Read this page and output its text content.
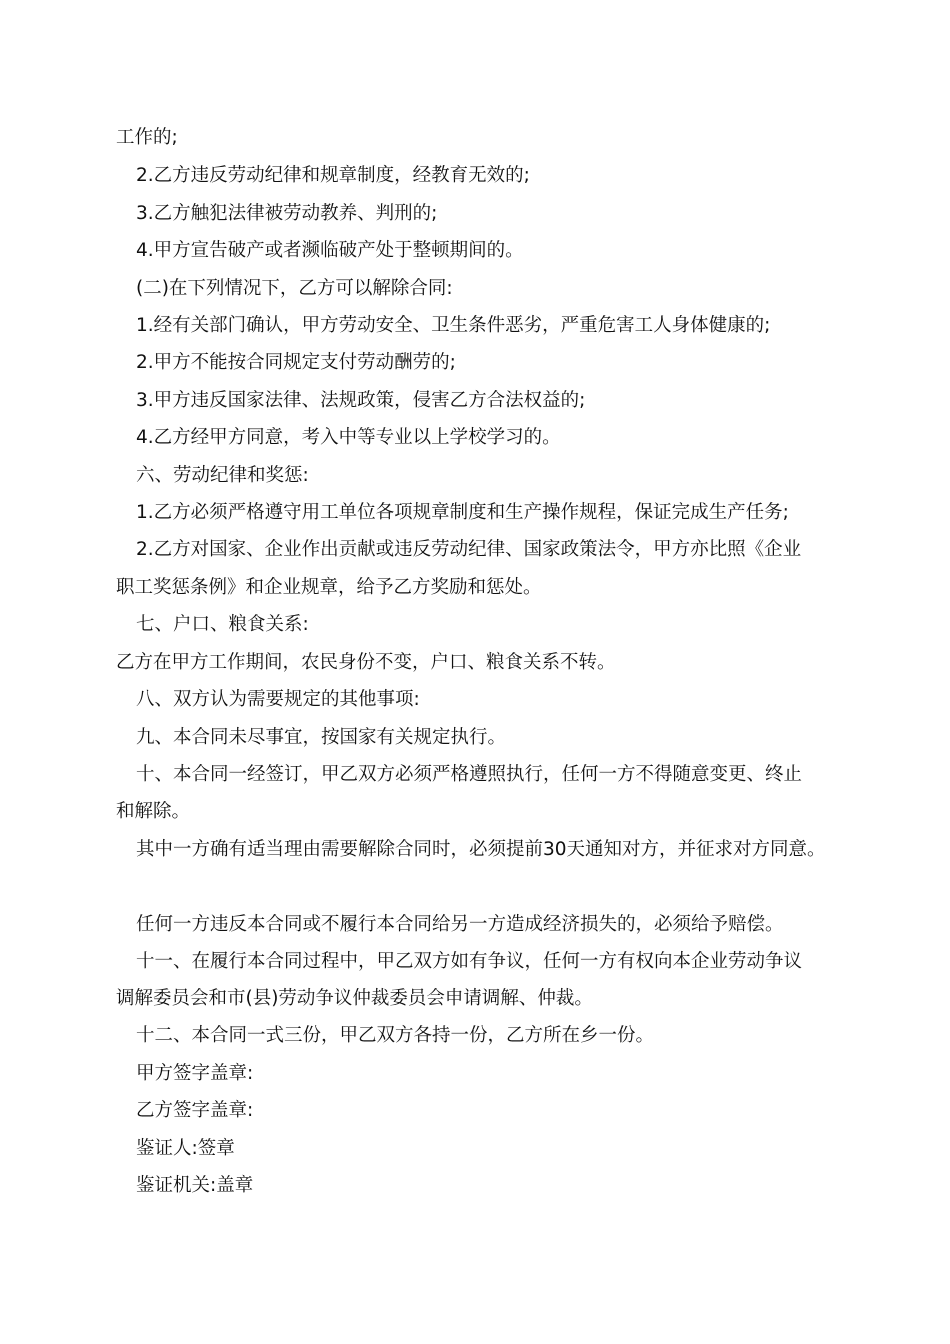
工作的;
2.乙方违反劳动纪律和规章制度，经教育无效的;
3.乙方触犯法律被劳动教养、判刑的;
4.甲方宣告破产或者濒临破产处于整顿期间的。
(二)在下列情况下，乙方可以解除合同:
1.经有关部门确认，甲方劳动安全、卫生条件恶劣，严重危害工人身体健康的;
2.甲方不能按合同规定支付劳动酬劳的;
3.甲方违反国家法律、法规政策，侵害乙方合法权益的;
4.乙方经甲方同意，考入中等专业以上学校学习的。
六、劳动纪律和奖惩:
1.乙方必须严格遵守用工单位各项规章制度和生产操作规程，保证完成生产任务;
2.乙方对国家、企业作出贡献或违反劳动纪律、国家政策法令，甲方亦比照《企业
职工奖惩条例》和企业规章，给予乙方奖励和惩处。
七、户口、粮食关系:
乙方在甲方工作期间，农民身份不变，户口、粮食关系不转。
八、双方认为需要规定的其他事项:
九、本合同未尽事宜，按国家有关规定执行。
十、本合同一经签订，甲乙双方必须严格遵照执行，任何一方不得随意变更、终止
和解除。
其中一方确有适当理由需要解除合同时，必须提前30天通知对方，并征求对方同意。
任何一方违反本合同或不履行本合同给另一方造成经济损失的，必须给予赔偿。
十一、在履行本合同过程中，甲乙双方如有争议，任何一方有权向本企业劳动争议
调解委员会和市(县)劳动争议仲裁委员会申请调解、仲裁。
十二、本合同一式三份，甲乙双方各持一份，乙方所在乡一份。
甲方签字盖章:
乙方签字盖章:
鉴证人:签章
鉴证机关:盖章
